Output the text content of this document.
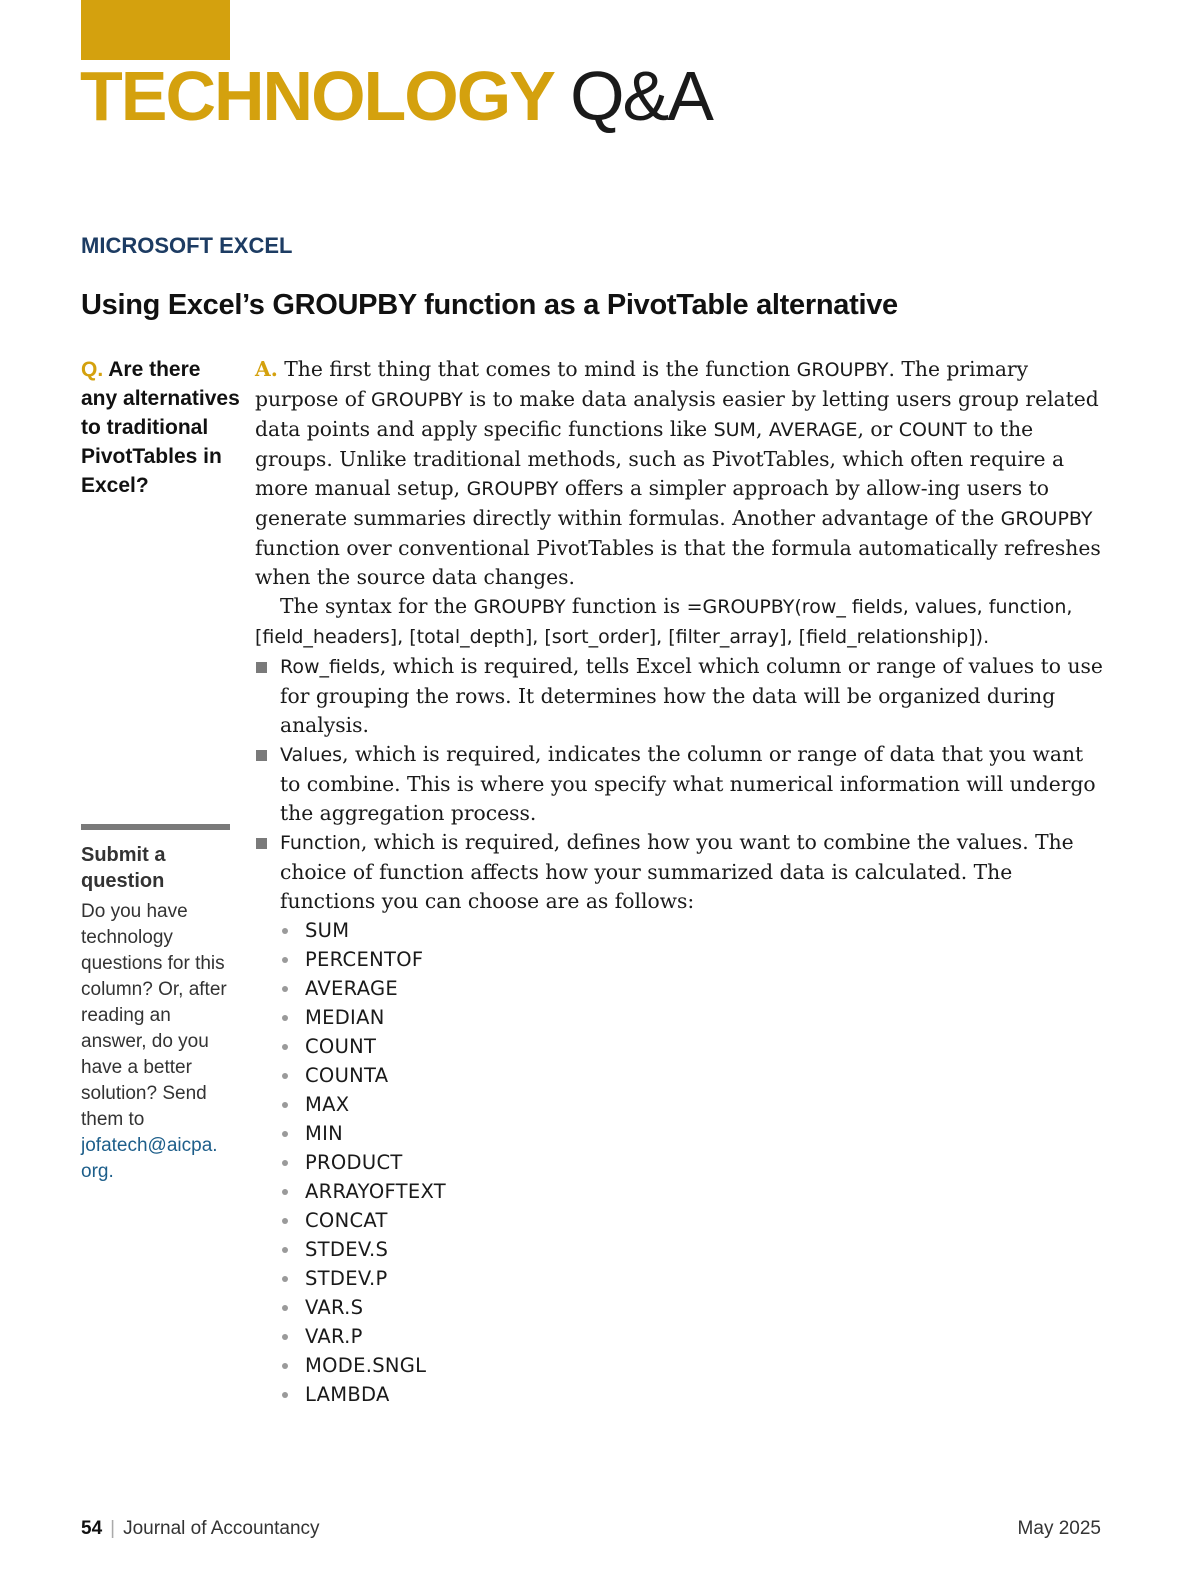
TECHNOLOGY Q&A
MICROSOFT EXCEL
Using Excel’s GROUPBY function as a PivotTable alternative

Q. Are there any alternatives to traditional PivotTables in Excel?

Submit a question

Do you have technology questions for this column? Or, after reading an answer, do you have a better solution? Send them to jofatech@aicpa. org.

A. The first thing that comes to mind is the function GROUPBY. The primary purpose of GROUPBY is to make data analysis easier by letting users group related data points and apply specific functions like SUM, AVERAGE, or COUNT to the groups. Unlike traditional methods, such as PivotTables, which often require a more manual setup, GROUPBY offers a simpler approach by allow-ing users to generate summaries directly within formulas. Another advantage of the GROUPBY function over conventional PivotTables is that the formula automatically refreshes when the source data changes.

The syntax for the GROUPBY function is =GROUPBY(row_ fields, values, function, [field_headers], [total_depth], [sort_order], [filter_array], [field_relationship]).

Row_fields, which is required, tells Excel which column or range of values to use for grouping the rows. It determines how the data will be organized during analysis.
Values, which is required, indicates the column or range of data that you want to combine. This is where you specify what numerical information will undergo the aggregation process.
Function, which is required, defines how you want to combine the values. The choice of function affects how your summarized data is calculated. The functions you can choose are as follows:
SUM
PERCENTOF
AVERAGE
MEDIAN
COUNT
COUNTA
MAX
MIN
PRODUCT
ARRAYOFTEXT
CONCAT
STDEV.S
STDEV.P
VAR.S
VAR.P
MODE.SNGL
LAMBDA
54 | Journal of Accountancy	May 2025
